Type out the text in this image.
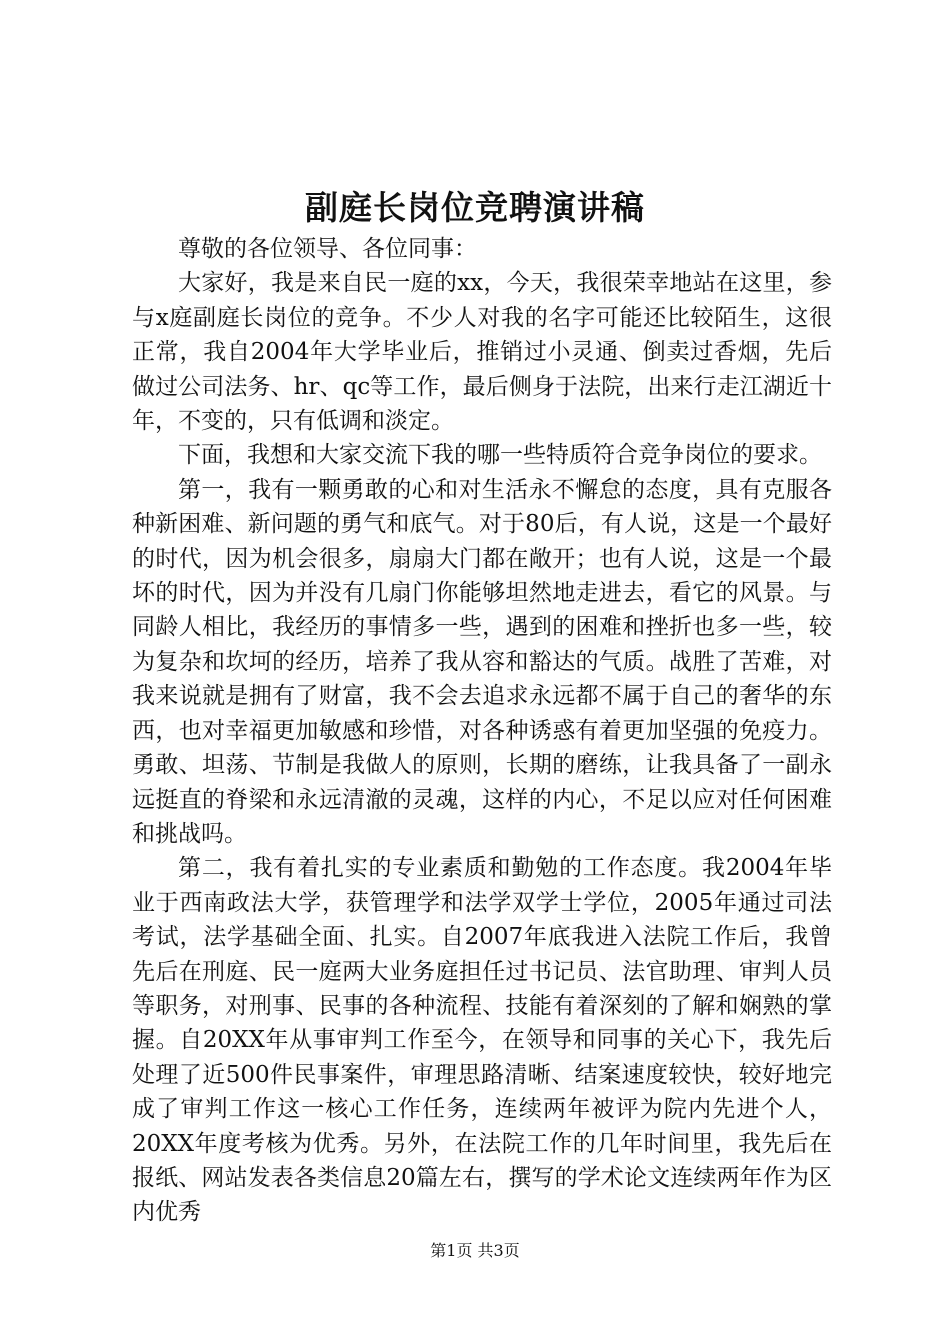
副庭长岗位竞聘演讲稿

尊敬的各位领导、各位同事：

大家好，我是来自民一庭的xx，今天，我很荣幸地站在这里，参与x庭副庭长岗位的竞争。不少人对我的名字可能还比较陌生，这很正常，我自2004年大学毕业后，推销过小灵通、倒卖过香烟，先后做过公司法务、hr、qc等工作，最后侧身于法院，出来行走江湖近十年，不变的，只有低调和淡定。

下面，我想和大家交流下我的哪一些特质符合竞争岗位的要求。

第一，我有一颗勇敢的心和对生活永不懈怠的态度，具有克服各种新困难、新问题的勇气和底气。对于80后，有人说，这是一个最好的时代，因为机会很多，扇扇大门都在敞开；也有人说，这是一个最坏的时代，因为并没有几扇门你能够坦然地走进去，看它的风景。与同龄人相比，我经历的事情多一些，遇到的困难和挫折也多一些，较为复杂和坎坷的经历，培养了我从容和豁达的气质。战胜了苦难，对我来说就是拥有了财富，我不会去追求永远都不属于自己的奢华的东西，也对幸福更加敏感和珍惜，对各种诱惑有着更加坚强的免疫力。勇敢、坦荡、节制是我做人的原则，长期的磨练，让我具备了一副永远挺直的脊梁和永远清澈的灵魂，这样的内心，不足以应对任何困难和挑战吗。

第二，我有着扎实的专业素质和勤勉的工作态度。我2004年毕业于西南政法大学，获管理学和法学双学士学位，2005年通过司法考试，法学基础全面、扎实。自2007年底我进入法院工作后，我曾先后在刑庭、民一庭两大业务庭担任过书记员、法官助理、审判人员等职务，对刑事、民事的各种流程、技能有着深刻的了解和娴熟的掌握。自20XX年从事审判工作至今，在领导和同事的关心下，我先后处理了近500件民事案件，审理思路清晰、结案速度较快，较好地完成了审判工作这一核心工作任务，连续两年被评为院内先进个人，20XX年度考核为优秀。另外，在法院工作的几年时间里，我先后在报纸、网站发表各类信息20篇左右，撰写的学术论文连续两年作为区内优秀

第1页 共3页
